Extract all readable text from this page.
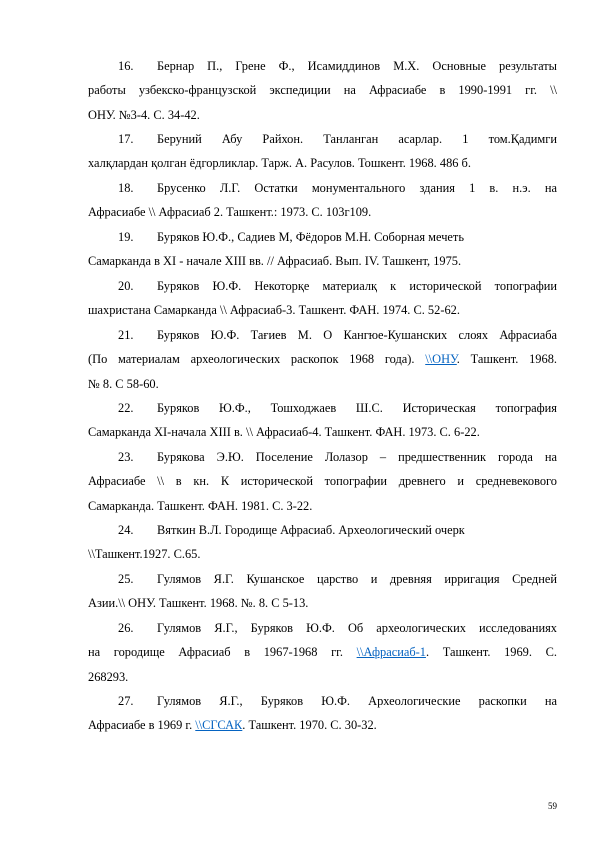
16. Бернар П., Грене Ф., Исамиддинов М.Х. Основные результаты
работы узбекско-французской экспедиции на Афрасиабе в 1990-1991 гг. \\
ОНУ. №3-4. С. 34-42.
17. Беруний Абу Райхон. Танланган асарлар. 1 том.Қадимги
халқлардан қолган ёдгорликлар. Тарж. А. Расулов. Тошкент. 1968. 486 б.
18. Брусенко Л.Г. Остатки монументального здания 1 в. н.э. на
Афрасиабе \\ Афрасиаб 2. Ташкент.: 1973. С. 103г109.
19. Буряков Ю.Ф., Садиев М, Фёдоров М.Н. Соборная мечеть
Самарканда в XI - начале XIII вв. // Афрасиаб. Вып. IV. Ташкент, 1975.
20. Буряков Ю.Ф. Некоторқе материалқ к исторической топографии
шахристана Самарканда \\ Афрасиаб-3. Ташкент. ФАН. 1974. С. 52-62.
21. Буряков Ю.Ф. Тағиев М. О Кангюе-Кушанских слоях Афрасиаба
(По материалам археологических раскопок 1968 года). \\ОНУ. Ташкент. 1968.
№ 8. С 58-60.
22. Буряков Ю.Ф., Тошходжаев Ш.С. Историческая топография
Самарканда XI-начала XIII в. \\ Афрасиаб-4. Ташкент. ФАН. 1973. С. 6-22.
23. Бурякова Э.Ю. Поселение Лолазор – предшественник города на
Афрасиабе \\ в кн. К исторической топографии древнего и средневекового
Самарканда. Ташкент. ФАН. 1981. С. 3-22.
24. Вяткин В.Л. Городище Афрасиаб. Археологический очерк
\\Ташкент.1927. С.65.
25. Гулямов Я.Г. Кушанское царство и древняя ирригация Средней
Азии.\\ ОНУ. Ташкент. 1968. №. 8. С 5-13.
26. Гулямов Я.Г., Буряков Ю.Ф. Об археологических исследованиях
на городище Афрасиаб в 1967-1968 гг. \\Афрасиаб-1. Ташкент. 1969. С.
268293.
27. Гулямов Я.Г., Буряков Ю.Ф. Археологические раскопки на
Афрасиабе в 1969 г. \\СГСАК. Ташкент. 1970. С. 30-32.
59
